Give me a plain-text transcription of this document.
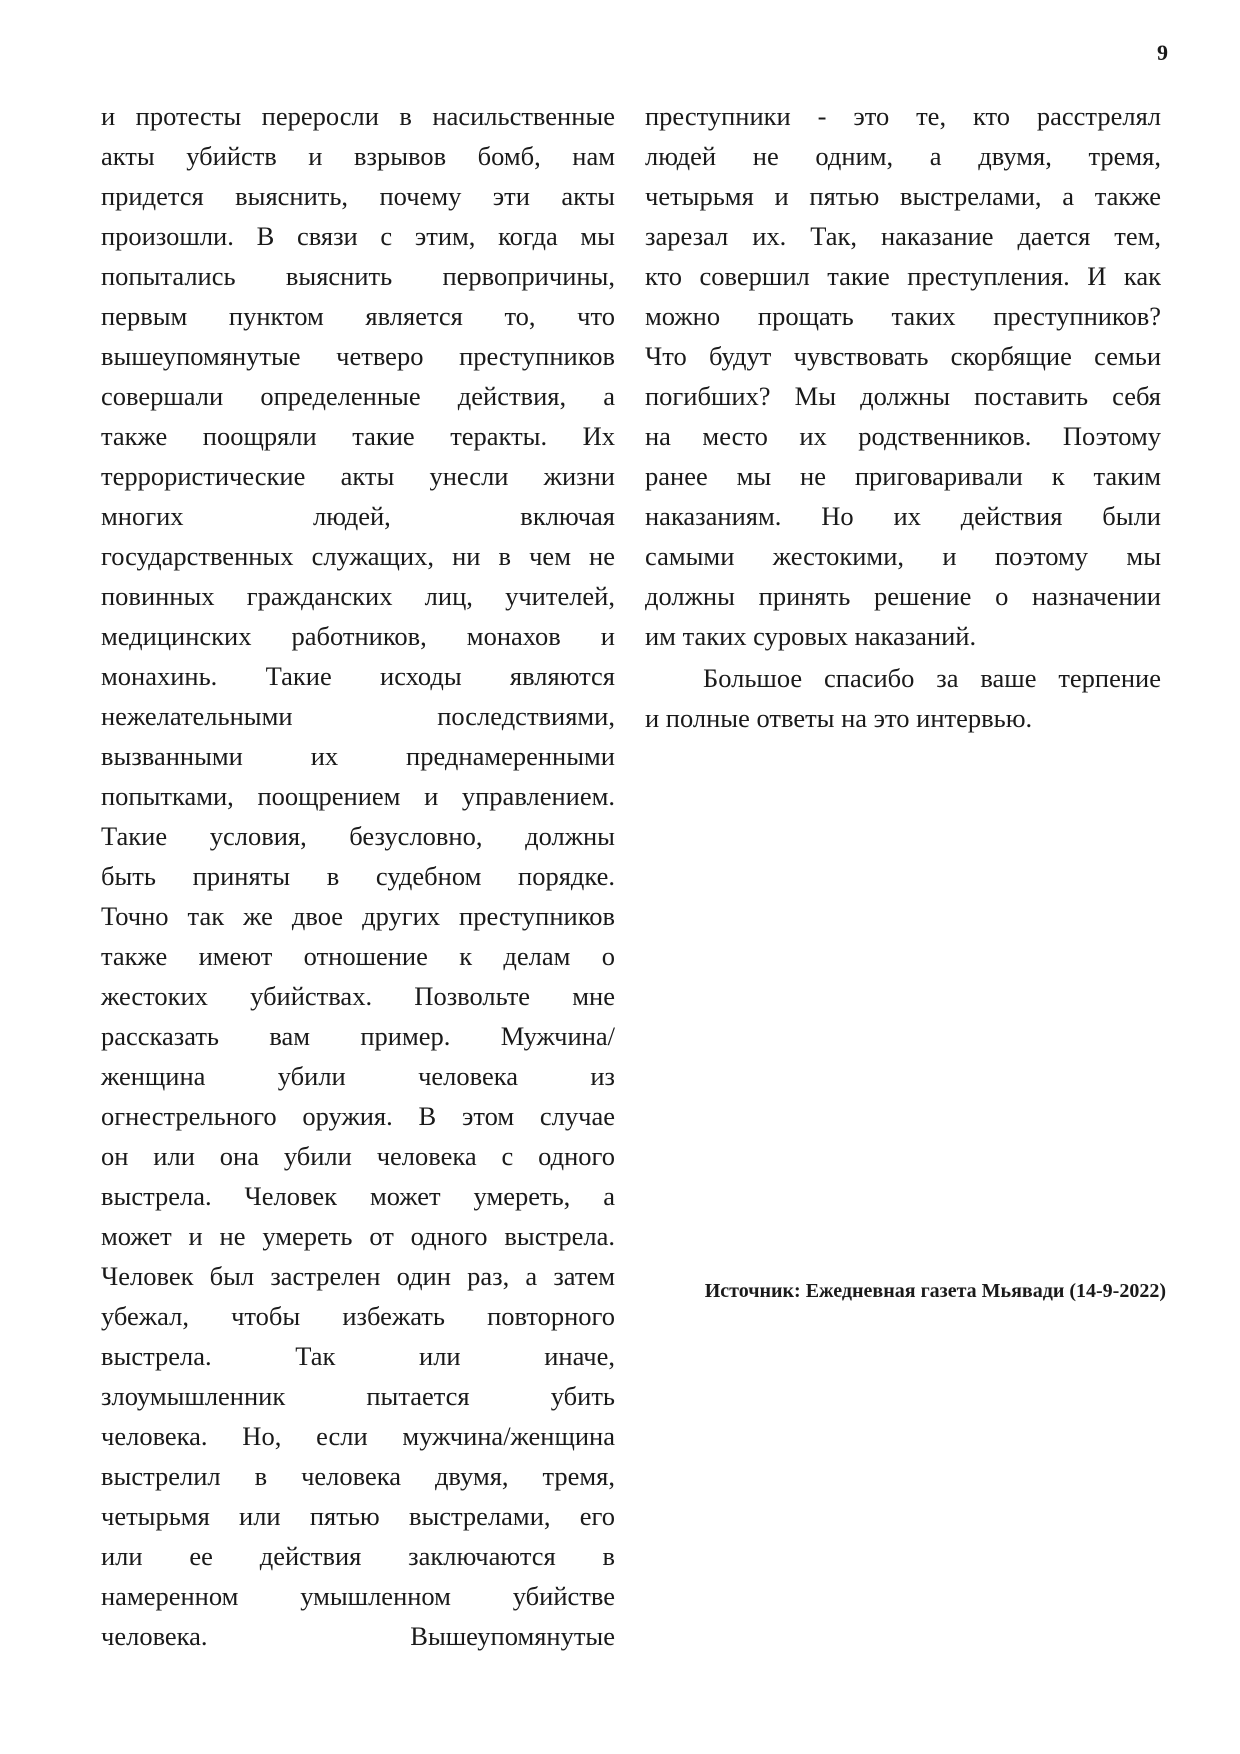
9
и протесты переросли в насильственные
акты убийств и взрывов бомб, нам
придется выяснить, почему эти акты
произошли. В связи с этим, когда мы
попытались выяснить первопричины,
первым пунктом является то, что
вышеупомянутые четверо преступников
совершали определенные действия, а
также поощряли такие теракты. Их
террористические акты унесли жизни
многих людей, включая
государственных служащих, ни в чем не
повинных гражданских лиц, учителей,
медицинских работников, монахов и
монахинь. Такие исходы являются
нежелательными последствиями,
вызванными их преднамеренными
попытками, поощрением и управлением.
Такие условия, безусловно, должны
быть приняты в судебном порядке.
Точно так же двое других преступников
также имеют отношение к делам о
жестоких убийствах. Позвольте мне
рассказать вам пример. Мужчина/
женщина убили человека из
огнестрельного оружия. В этом случае
он или она убили человека с одного
выстрела. Человек может умереть, а
может и не умереть от одного выстрела.
Человек был застрелен один раз, а затем
убежал, чтобы избежать повторного
выстрела. Так или иначе,
злоумышленник пытается убить
человека. Но, если мужчина/женщина
выстрелил в человека двумя, тремя,
четырьмя или пятью выстрелами, его
или ее действия заключаются в
намеренном умышленном убийстве
человека. Вышеупомянутые
преступники - это те, кто расстрелял
людей не одним, а двумя, тремя,
четырьмя и пятью выстрелами, а также
зарезал их. Так, наказание дается тем,
кто совершил такие преступления. И как
можно прощать таких преступников?
Что будут чувствовать скорбящие семьи
погибших? Мы должны поставить себя
на место их родственников. Поэтому
ранее мы не приговаривали к таким
наказаниям. Но их действия были
самыми жестокими, и поэтому мы
должны принять решение о назначении
им таких суровых наказаний.
Большое спасибо за ваше терпение
и полные ответы на это интервью.
Источник: Ежедневная газета Мьявади (14-9-2022)
